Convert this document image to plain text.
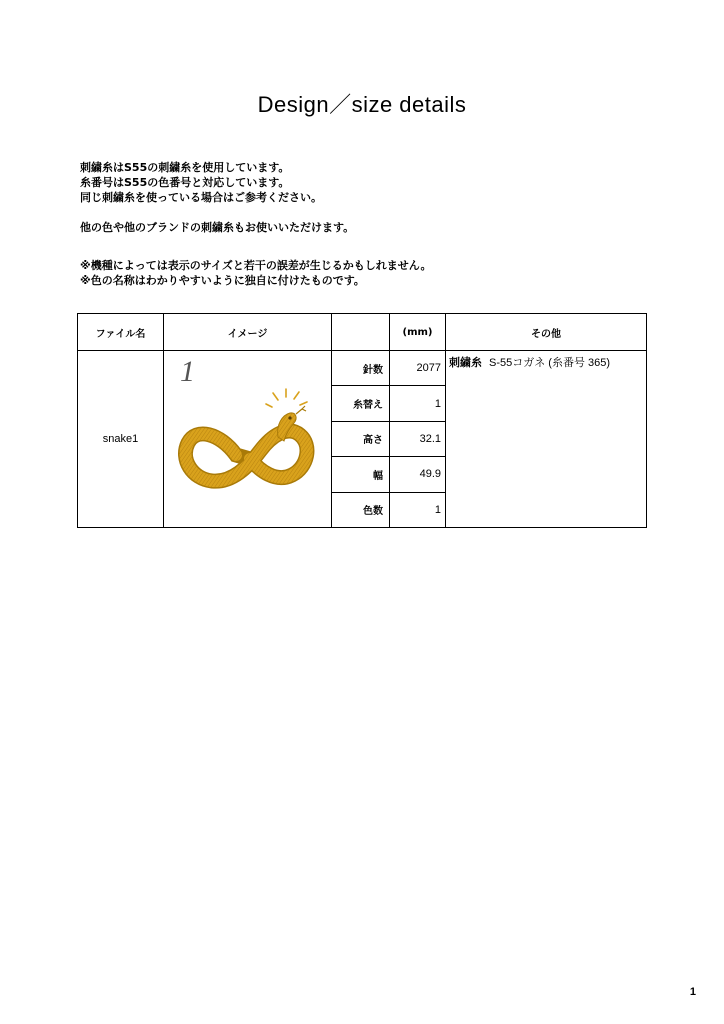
Design／size details
刺繍糸はS55の刺繍糸を使用しています。
糸番号はS55の色番号と対応しています。
同じ刺繍糸を使っている場合はご参考ください。
他の色や他のブランドの刺繍糸もお使いいただけます。
※機種によっては表示のサイズと若干の誤差が生じるかもしれません。
※色の名称はわかりやすいように独自に付けたものです。
ファイル名	イメージ		(mm)	その他
snake1	1	針数	2077	刺繍糸 S-55コガネ (糸番号 365)
		糸替え	1	
		高さ	32.1	
		幅	49.9	
		色数	1	
1
